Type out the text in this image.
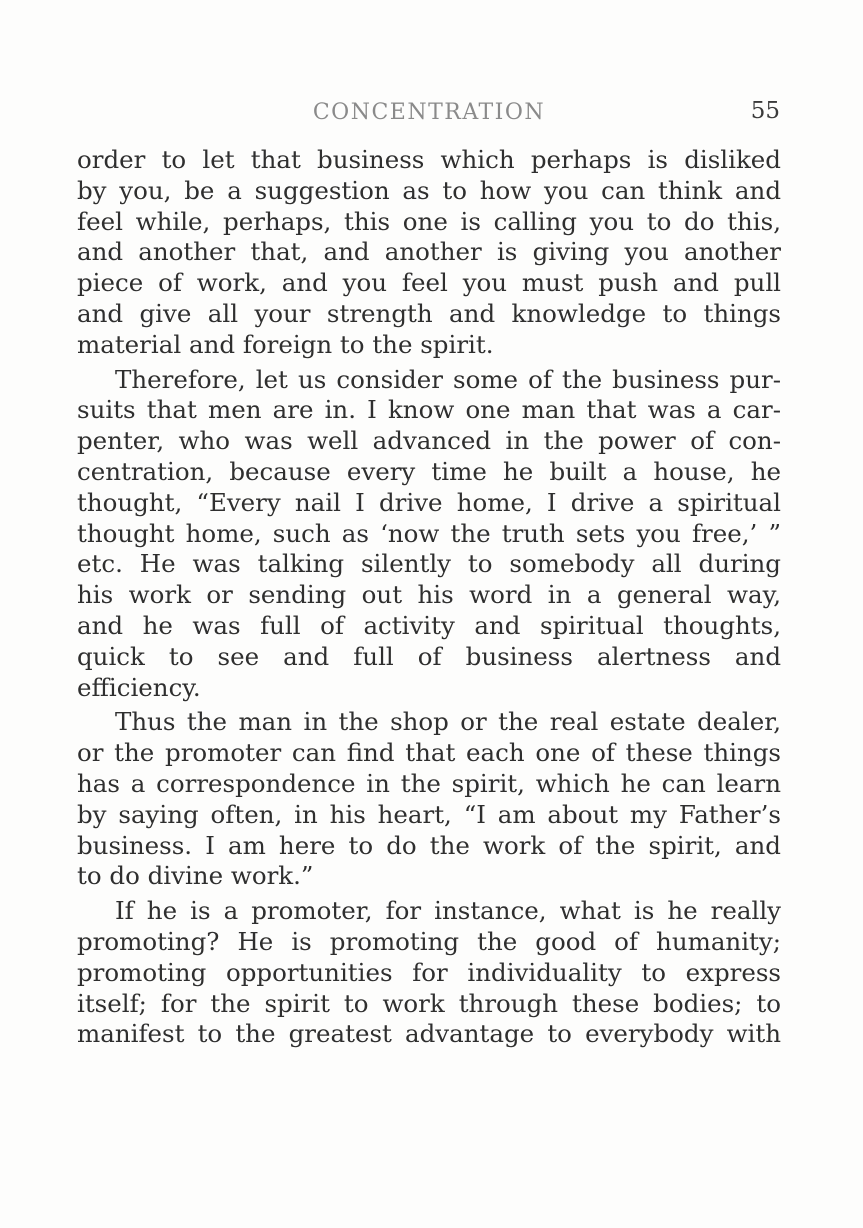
CONCENTRATION	55
order to let that business which perhaps is disliked
by you, be a suggestion as to how you can think and
feel while, perhaps, this one is calling you to do this,
and another that, and another is giving you another
piece of work, and you feel you must push and pull
and give all your strength and knowledge to things
material and foreign to the spirit.
Therefore, let us consider some of the business pur-
suits that men are in. I know one man that was a car-
penter, who was well advanced in the power of con-
centration, because every time he built a house, he
thought, “Every nail I drive home, I drive a spiritual
thought home, such as ‘now the truth sets you free,’ ”
etc. He was talking silently to somebody all during
his work or sending out his word in a general way,
and he was full of activity and spiritual thoughts,
quick to see and full of business alertness and
efficiency.
Thus the man in the shop or the real estate dealer,
or the promoter can find that each one of these things
has a correspondence in the spirit, which he can learn
by saying often, in his heart, “I am about my Father’s
business. I am here to do the work of the spirit, and
to do divine work.”
If he is a promoter, for instance, what is he really
promoting? He is promoting the good of humanity;
promoting opportunities for individuality to express
itself; for the spirit to work through these bodies; to
manifest to the greatest advantage to everybody with
